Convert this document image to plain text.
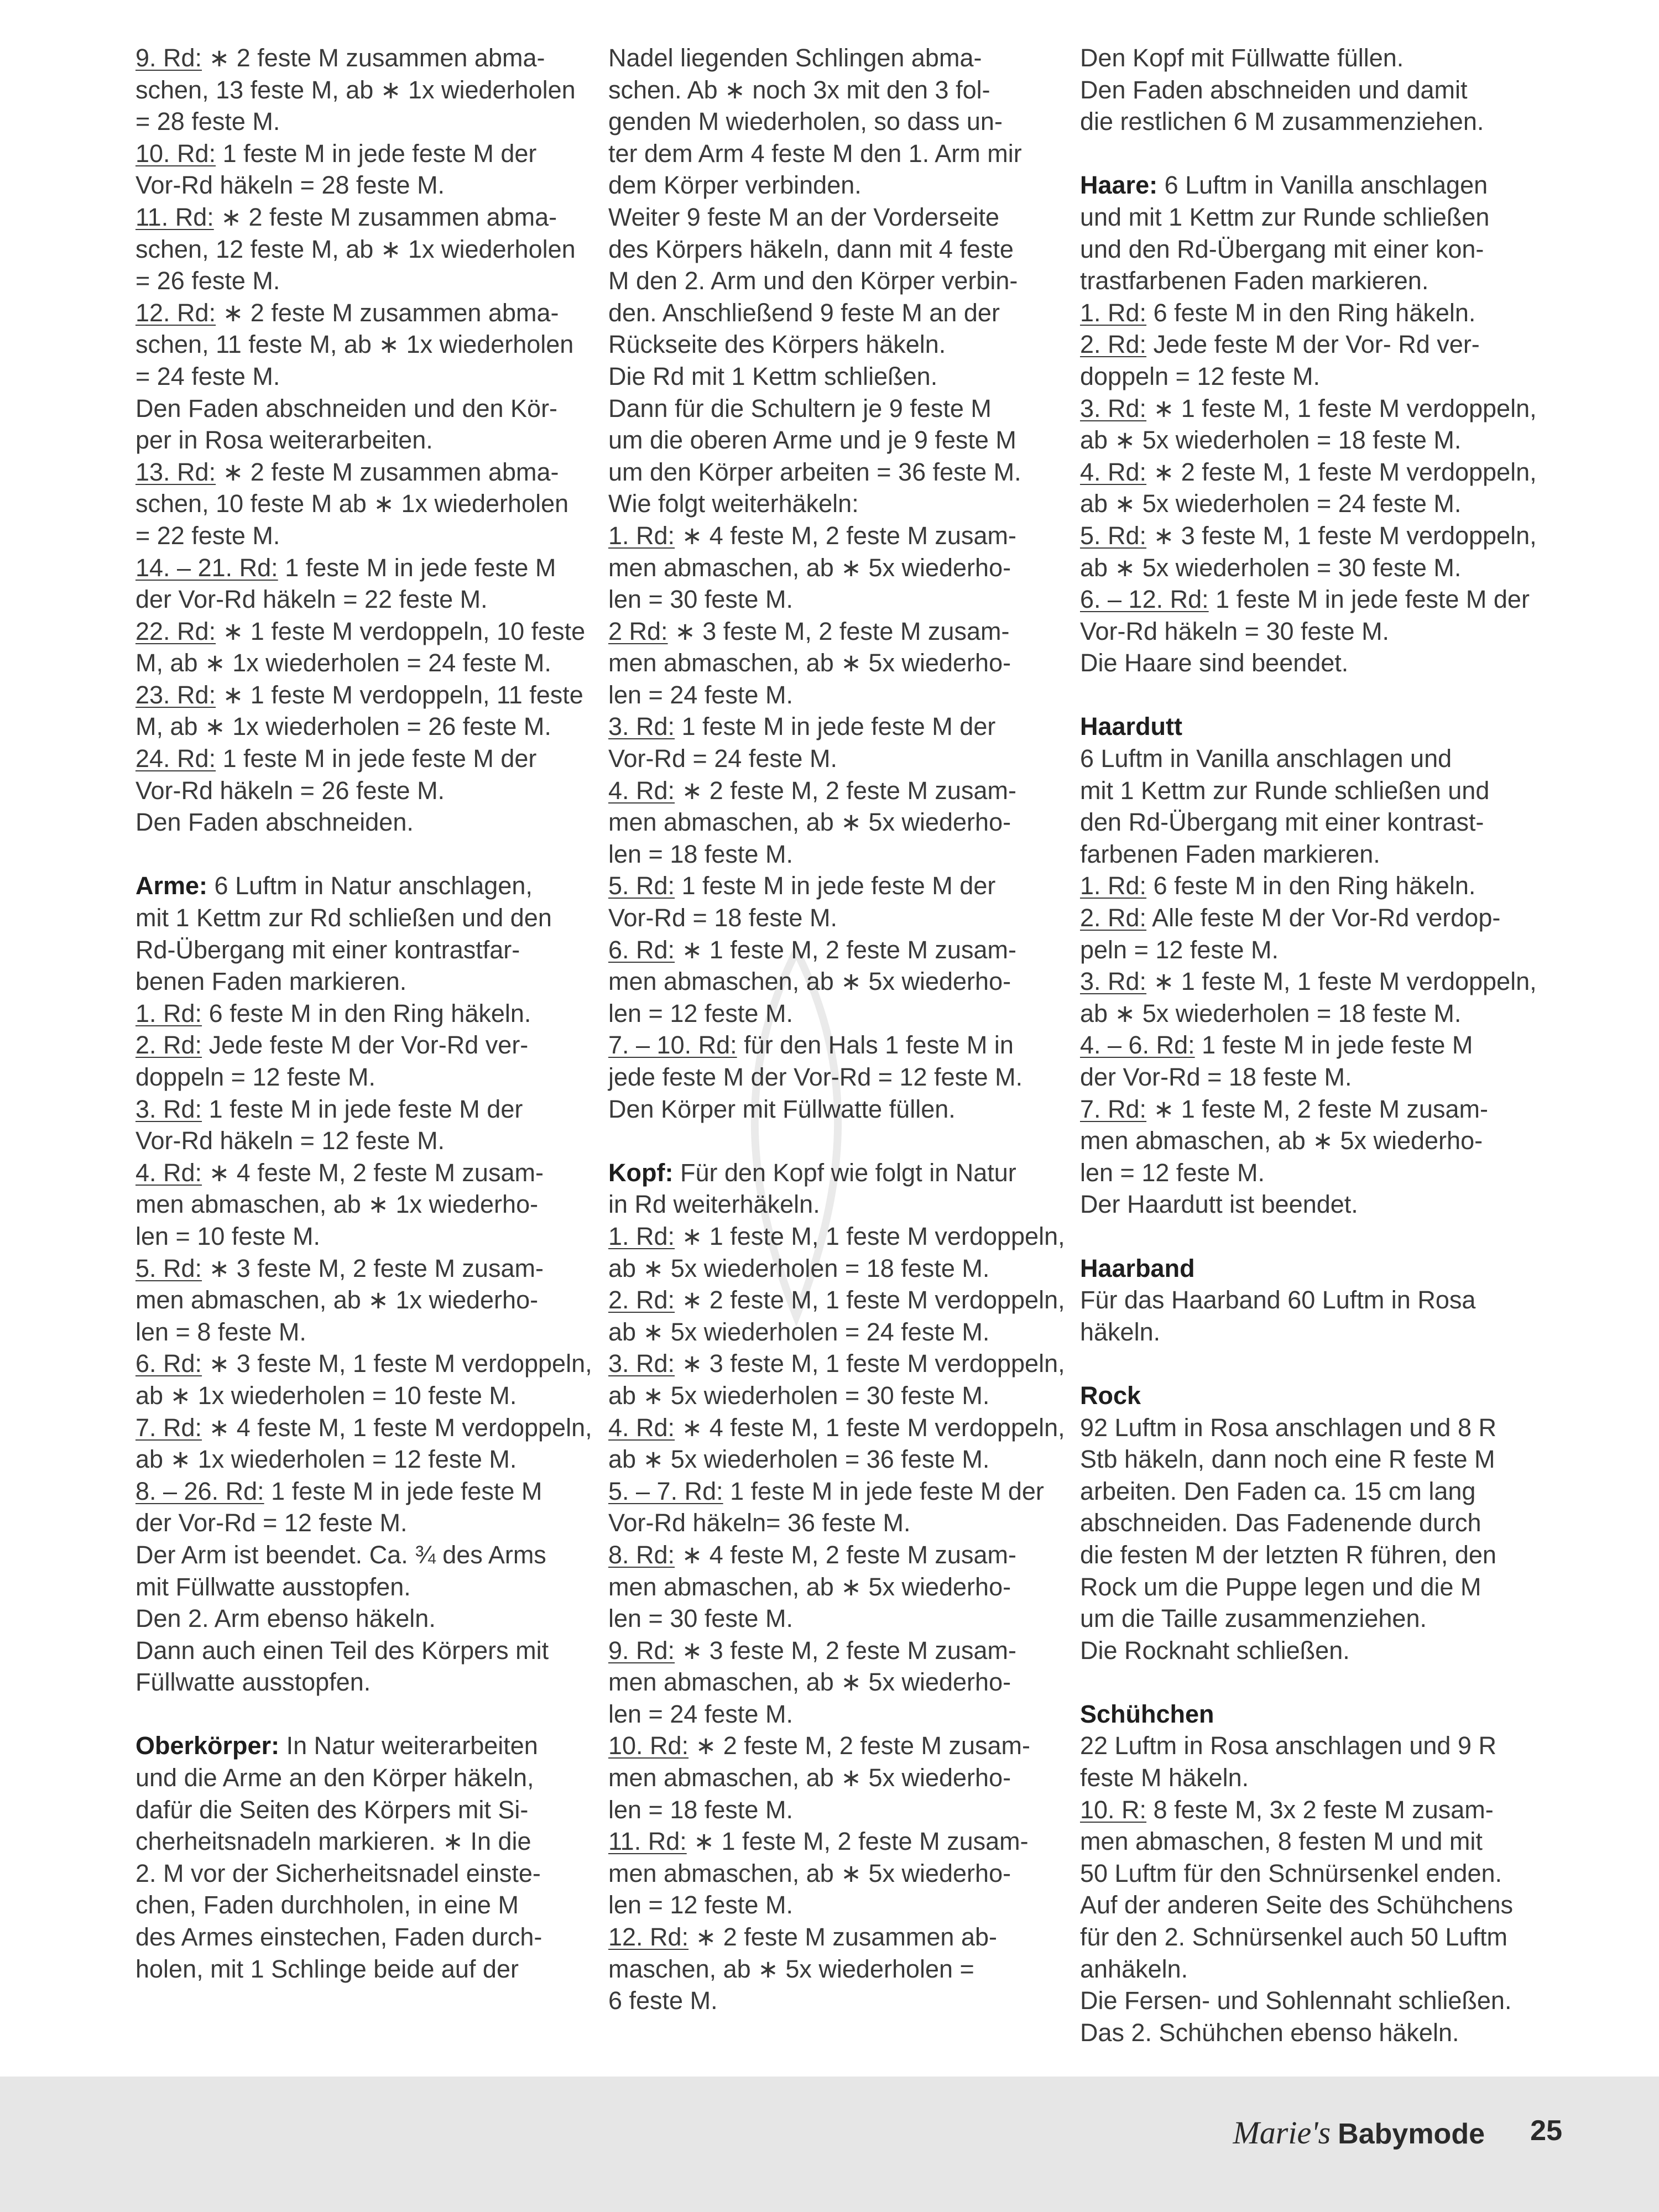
9. Rd: ∗ 2 feste M zusammen abma-
schen, 13 feste M, ab ∗ 1x wiederholen
= 28 feste M.
10. Rd: 1 feste M in jede feste M der
Vor-Rd häkeln = 28 feste M.
11. Rd: ∗ 2 feste M zusammen abma-
schen, 12 feste M, ab ∗ 1x wiederholen
= 26 feste M.
12. Rd: ∗ 2 feste M zusammen abma-
schen, 11 feste M, ab ∗ 1x wiederholen
= 24 feste M.
Den Faden abschneiden und den Kör-
per in Rosa weiterarbeiten.
13. Rd: ∗ 2 feste M zusammen abma-
schen, 10 feste M ab ∗ 1x wiederholen
= 22 feste M.
14. – 21. Rd: 1 feste M in jede feste M
der Vor-Rd häkeln = 22 feste M.
22. Rd: ∗ 1 feste M verdoppeln, 10 feste
M, ab ∗ 1x wiederholen = 24 feste M.
23. Rd: ∗ 1 feste M verdoppeln, 11 feste
M, ab ∗ 1x wiederholen = 26 feste M.
24. Rd: 1 feste M in jede feste M der
Vor-Rd häkeln = 26 feste M.
Den Faden abschneiden.
Arme: 6 Luftm in Natur anschlagen,
mit 1 Kettm zur Rd schließen und den
Rd-Übergang mit einer kontrastfar-
benen Faden markieren.
1. Rd: 6 feste M in den Ring häkeln.
2. Rd: Jede feste M der Vor-Rd ver-
doppeln = 12 feste M.
3. Rd: 1 feste M in jede feste M der
Vor-Rd häkeln = 12 feste M.
4. Rd: ∗ 4 feste M, 2 feste M zusam-
men abmaschen, ab ∗ 1x wiederho-
len = 10 feste M.
5. Rd: ∗ 3 feste M, 2 feste M zusam-
men abmaschen, ab ∗ 1x wiederho-
len = 8 feste M.
6. Rd: ∗ 3 feste M, 1 feste M verdoppeln,
ab ∗ 1x wiederholen = 10 feste M.
7. Rd: ∗ 4 feste M, 1 feste M verdoppeln,
ab ∗ 1x wiederholen = 12 feste M.
8. – 26. Rd: 1 feste M in jede feste M
der Vor-Rd = 12 feste M.
Der Arm ist beendet. Ca. ¾ des Arms
mit Füllwatte ausstopfen.
Den 2. Arm ebenso häkeln.
Dann auch einen Teil des Körpers mit
Füllwatte ausstopfen.
Oberkörper: In Natur weiterarbeiten
und die Arme an den Körper häkeln,
dafür die Seiten des Körpers mit Si-
cherheitsnadeln markieren. ∗ In die
2. M vor der Sicherheitsnadel einste-
chen, Faden durchholen, in eine M
des Armes einstechen, Faden durch-
holen, mit 1 Schlinge beide auf der
Nadel liegenden Schlingen abma-
schen. Ab ∗ noch 3x mit den 3 fol-
genden M wiederholen, so dass un-
ter dem Arm 4 feste M den 1. Arm mir
dem Körper verbinden.
Weiter 9 feste M an der Vorderseite
des Körpers häkeln, dann mit 4 feste
M den 2. Arm und den Körper verbin-
den. Anschließend 9 feste M an der
Rückseite des Körpers häkeln.
Die Rd mit 1 Kettm schließen.
Dann für die Schultern je 9 feste M
um die oberen Arme und je 9 feste M
um den Körper arbeiten = 36 feste M.
Wie folgt weiterhäkeln:
1. Rd: ∗ 4 feste M, 2 feste M zusam-
men abmaschen, ab ∗ 5x wiederho-
len = 30 feste M.
2 Rd: ∗ 3 feste M, 2 feste M zusam-
men abmaschen, ab ∗ 5x wiederho-
len = 24 feste M.
3. Rd: 1 feste M in jede feste M der
Vor-Rd = 24 feste M.
4. Rd: ∗ 2 feste M, 2 feste M zusam-
men abmaschen, ab ∗ 5x wiederho-
len = 18 feste M.
5. Rd: 1 feste M in jede feste M der
Vor-Rd = 18 feste M.
6. Rd: ∗ 1 feste M, 2 feste M zusam-
men abmaschen, ab ∗ 5x wiederho-
len = 12 feste M.
7. – 10. Rd: für den Hals 1 feste M in
jede feste M der Vor-Rd = 12 feste M.
Den Körper mit Füllwatte füllen.
Kopf: Für den Kopf wie folgt in Natur
in Rd weiterhäkeln.
1. Rd: ∗ 1 feste M, 1 feste M verdoppeln,
ab ∗ 5x wiederholen = 18 feste M.
2. Rd: ∗ 2 feste M, 1 feste M verdoppeln,
ab ∗ 5x wiederholen = 24 feste M.
3. Rd: ∗ 3 feste M, 1 feste M verdoppeln,
ab ∗ 5x wiederholen = 30 feste M.
4. Rd: ∗ 4 feste M, 1 feste M verdoppeln,
ab ∗ 5x wiederholen = 36 feste M.
5. – 7. Rd: 1 feste M in jede feste M der
Vor-Rd häkeln= 36 feste M.
8. Rd: ∗ 4 feste M, 2 feste M zusam-
men abmaschen, ab ∗ 5x wiederho-
len = 30 feste M.
9. Rd: ∗ 3 feste M, 2 feste M zusam-
men abmaschen, ab ∗ 5x wiederho-
len = 24 feste M.
10. Rd: ∗ 2 feste M, 2 feste M zusam-
men abmaschen, ab ∗ 5x wiederho-
len = 18 feste M.
11. Rd: ∗ 1 feste M, 2 feste M zusam-
men abmaschen, ab ∗ 5x wiederho-
len = 12 feste M.
12. Rd: ∗ 2 feste M zusammen ab-
maschen, ab ∗ 5x wiederholen =
6 feste M.
Den Kopf mit Füllwatte füllen.
Den Faden abschneiden und damit
die restlichen 6 M zusammenziehen.
Haare: 6 Luftm in Vanilla anschlagen
und mit 1 Kettm zur Runde schließen
und den Rd-Übergang mit einer kon-
trastfarbenen Faden markieren.
1. Rd: 6 feste M in den Ring häkeln.
2. Rd: Jede feste M der Vor- Rd ver-
doppeln = 12 feste M.
3. Rd: ∗ 1 feste M, 1 feste M verdoppeln,
ab ∗ 5x wiederholen = 18 feste M.
4. Rd: ∗ 2 feste M, 1 feste M verdoppeln,
ab ∗ 5x wiederholen = 24 feste M.
5. Rd: ∗ 3 feste M, 1 feste M verdoppeln,
ab ∗ 5x wiederholen = 30 feste M.
6. – 12. Rd: 1 feste M in jede feste M der
Vor-Rd häkeln = 30 feste M.
Die Haare sind beendet.
Haardutt
6 Luftm in Vanilla anschlagen und
mit 1 Kettm zur Runde schließen und
den Rd-Übergang mit einer kontrast-
farbenen Faden markieren.
1. Rd: 6 feste M in den Ring häkeln.
2. Rd: Alle feste M der Vor-Rd verdop-
peln = 12 feste M.
3. Rd: ∗ 1 feste M, 1 feste M verdoppeln,
ab ∗ 5x wiederholen = 18 feste M.
4. – 6. Rd: 1 feste M in jede feste M
der Vor-Rd = 18 feste M.
7. Rd: ∗ 1 feste M, 2 feste M zusam-
men abmaschen, ab ∗ 5x wiederho-
len = 12 feste M.
Der Haardutt ist beendet.
Haarband
Für das Haarband 60 Luftm in Rosa
häkeln.
Rock
92 Luftm in Rosa anschlagen und 8 R
Stb häkeln, dann noch eine R feste M
arbeiten. Den Faden ca. 15 cm lang
abschneiden. Das Fadenende durch
die festen M der letzten R führen, den
Rock um die Puppe legen und die M
um die Taille zusammenziehen.
Die Rocknaht schließen.
Schühchen
22 Luftm in Rosa anschlagen und 9 R
feste M häkeln.
10. R: 8 feste M, 3x 2 feste M zusam-
men abmaschen, 8 festen M und mit
50 Luftm für den Schnürsenkel enden.
Auf der anderen Seite des Schühchens
für den 2. Schnürsenkel auch 50 Luftm
anhäkeln.
Die Fersen- und Sohlennaht schließen.
Das 2. Schühchen ebenso häkeln.
Marie's Babymode 25
